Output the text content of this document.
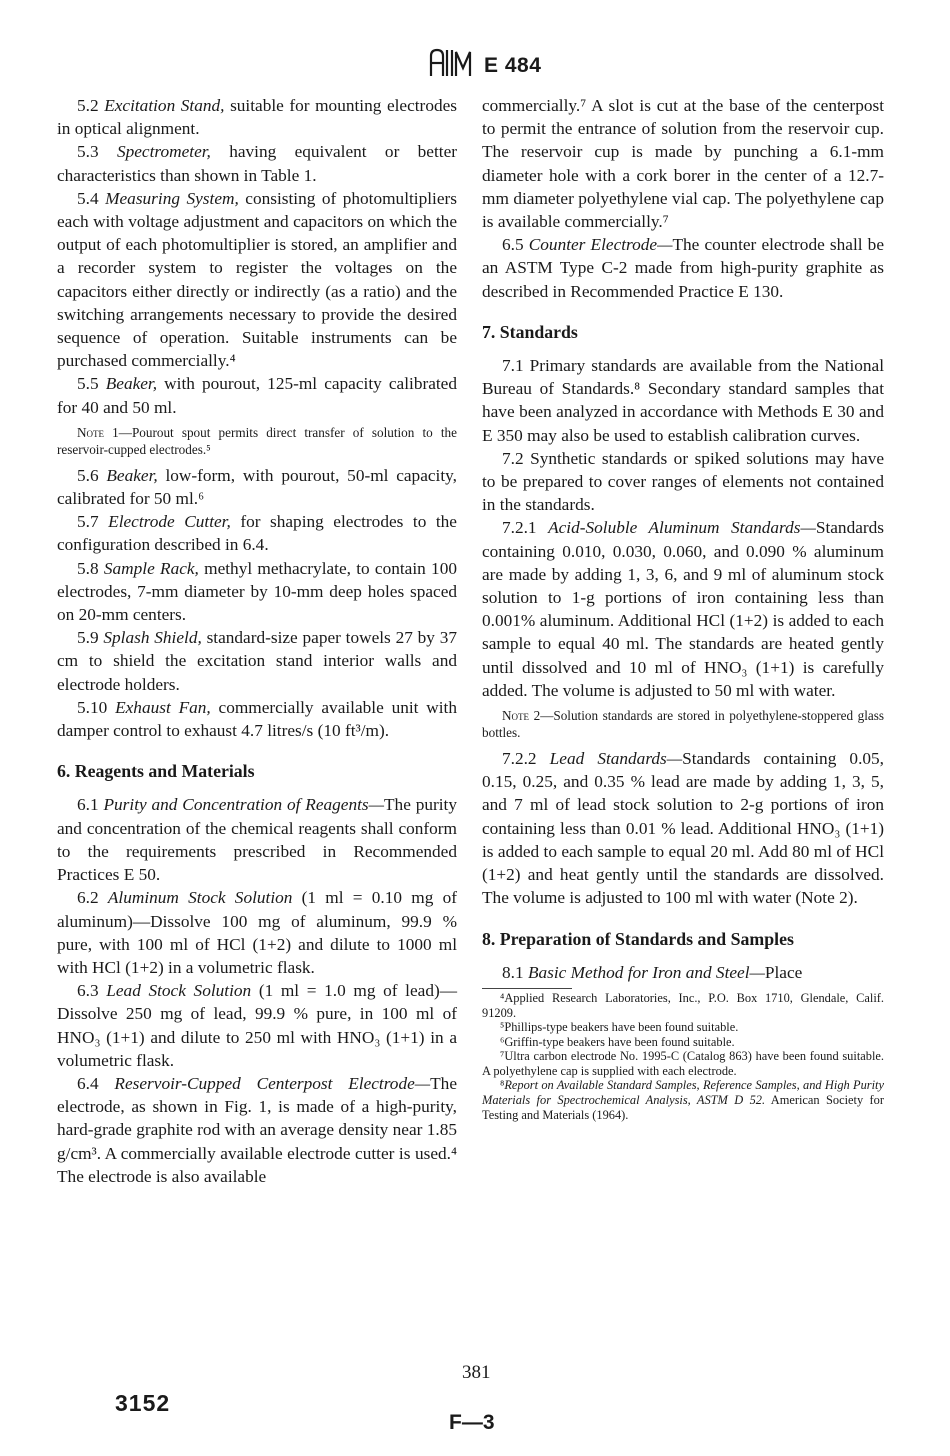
E 484
5.2 Excitation Stand, suitable for mounting electrodes in optical alignment.
5.3 Spectrometer, having equivalent or better characteristics than shown in Table 1.
5.4 Measuring System, consisting of photomultipliers each with voltage adjustment and capacitors on which the output of each photomultiplier is stored, an amplifier and a recorder system to register the voltages on the capacitors either directly or indirectly (as a ratio) and the switching arrangements necessary to provide the desired sequence of operation. Suitable instruments can be purchased commercially.⁴
5.5 Beaker, with pourout, 125-ml capacity calibrated for 40 and 50 ml.
Note 1—Pourout spout permits direct transfer of solution to the reservoir-cupped electrodes.⁵
5.6 Beaker, low-form, with pourout, 50-ml capacity, calibrated for 50 ml.⁶
5.7 Electrode Cutter, for shaping electrodes to the configuration described in 6.4.
5.8 Sample Rack, methyl methacrylate, to contain 100 electrodes, 7-mm diameter by 10-mm deep holes spaced on 20-mm centers.
5.9 Splash Shield, standard-size paper towels 27 by 37 cm to shield the excitation stand interior walls and electrode holders.
5.10 Exhaust Fan, commercially available unit with damper control to exhaust 4.7 litres/s (10 ft³/m).
6. Reagents and Materials
6.1 Purity and Concentration of Reagents—The purity and concentration of the chemical reagents shall conform to the requirements prescribed in Recommended Practices E 50.
6.2 Aluminum Stock Solution (1 ml = 0.10 mg of aluminum)—Dissolve 100 mg of aluminum, 99.9 % pure, with 100 ml of HCl (1+2) and dilute to 1000 ml with HCl (1+2) in a volumetric flask.
6.3 Lead Stock Solution (1 ml = 1.0 mg of lead)—Dissolve 250 mg of lead, 99.9 % pure, in 100 ml of HNO₃ (1+1) and dilute to 250 ml with HNO₃ (1+1) in a volumetric flask.
6.4 Reservoir-Cupped Centerpost Electrode—The electrode, as shown in Fig. 1, is made of a high-purity, hard-grade graphite rod with an average density near 1.85 g/cm³. A commercially available electrode cutter is used.⁴ The electrode is also available
commercially.⁷ A slot is cut at the base of the centerpost to permit the entrance of solution from the reservoir cup. The reservoir cup is made by punching a 6.1-mm diameter hole with a cork borer in the center of a 12.7-mm diameter polyethylene vial cap. The polyethylene cap is available commercially.⁷
6.5 Counter Electrode—The counter electrode shall be an ASTM Type C-2 made from high-purity graphite as described in Recommended Practice E 130.
7. Standards
7.1 Primary standards are available from the National Bureau of Standards.⁸ Secondary standard samples that have been analyzed in accordance with Methods E 30 and E 350 may also be used to establish calibration curves.
7.2 Synthetic standards or spiked solutions may have to be prepared to cover ranges of elements not contained in the standards.
7.2.1 Acid-Soluble Aluminum Standards—Standards containing 0.010, 0.030, 0.060, and 0.090 % aluminum are made by adding 1, 3, 6, and 9 ml of aluminum stock solution to 1-g portions of iron containing less than 0.001% aluminum. Additional HCl (1+2) is added to each sample to equal 40 ml. The standards are heated gently until dissolved and 10 ml of HNO₃ (1+1) is carefully added. The volume is adjusted to 50 ml with water.
Note 2—Solution standards are stored in polyethylene-stoppered glass bottles.
7.2.2 Lead Standards—Standards containing 0.05, 0.15, 0.25, and 0.35 % lead are made by adding 1, 3, 5, and 7 ml of lead stock solution to 2-g portions of iron containing less than 0.01 % lead. Additional HNO₃ (1+1) is added to each sample to equal 20 ml. Add 80 ml of HCl (1+2) and heat gently until the standards are dissolved. The volume is adjusted to 100 ml with water (Note 2).
8. Preparation of Standards and Samples
8.1 Basic Method for Iron and Steel—Place
⁴Applied Research Laboratories, Inc., P.O. Box 1710, Glendale, Calif. 91209.
⁵Phillips-type beakers have been found suitable.
⁶Griffin-type beakers have been found suitable.
⁷Ultra carbon electrode No. 1995-C (Catalog 863) have been found suitable. A polyethylene cap is supplied with each electrode.
⁸Report on Available Standard Samples, Reference Samples, and High Purity Materials for Spectrochemical Analysis, ASTM D 52. American Society for Testing and Materials (1964).
381
3152
F—3
